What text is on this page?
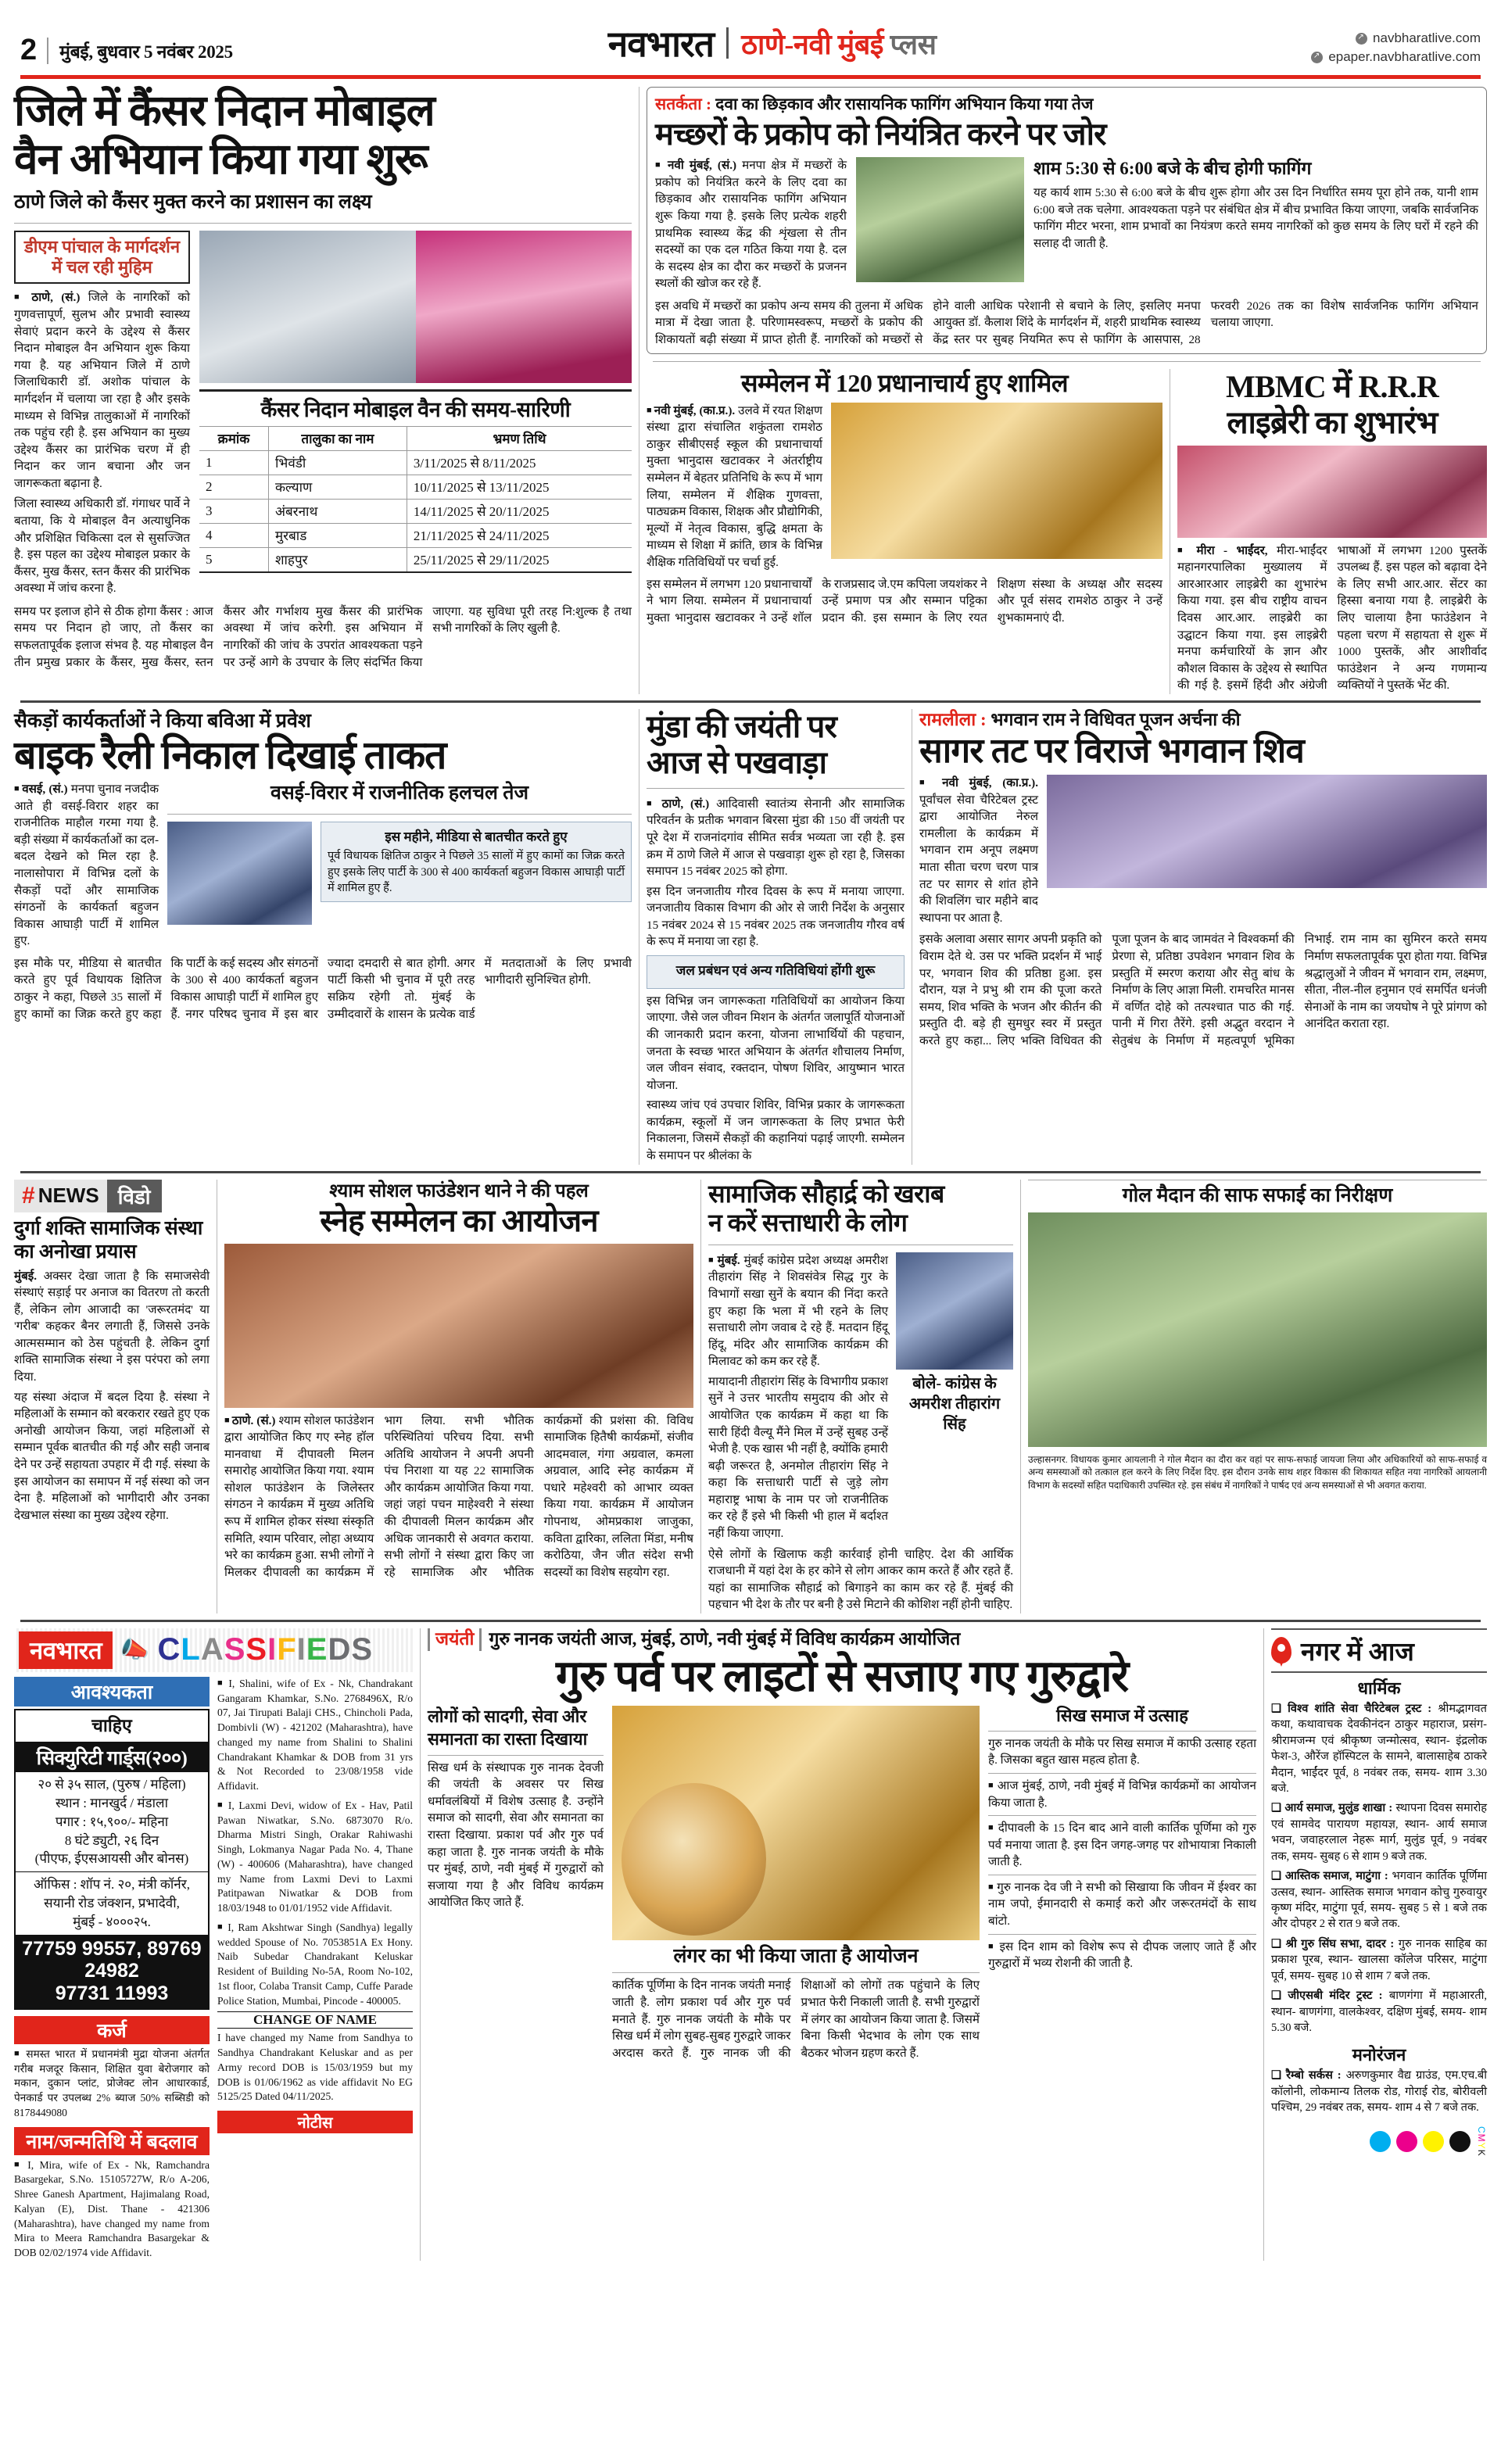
2 मुंबई, बुधवार 5 नवंबर 2025	नवभारत ठाणे-नवी मुंबई प्लस ↗	navbharatlive.com
↗
epaper.navbharatlive.com
जिले में कैंसर निदान मोबाइल
वैन अभियान किया गया शुरू
ठाणे जिले को कैंसर मुक्त करने का प्रशासन का लक्ष्य
डीएम पांचाल के मार्गदर्शन में चल रही मुहिम
■ ठाणे, (सं.) जिले के नागरिकों को गुणवत्तापूर्ण, सुलभ और प्रभावी स्वास्थ्य सेवाएं प्रदान करने के उद्देश्य से कैंसर निदान मोबाइल वैन अभियान शुरू किया गया है. यह अभियान जिले में ठाणे जिलाधिकारी डॉ. अशोक पांचाल के मार्गदर्शन में चलाया जा रहा है और इसके माध्यम से विभिन्न तालुकाओं में नागरिकों तक पहुंच रही है. इस अभियान का मुख्य उद्देश्य कैंसर का प्रारंभिक चरण में ही निदान कर जान बचाना और जन जागरूकता बढ़ाना है.
जिला स्वास्थ्य अधिकारी डॉ. गंगाधर पार्वे ने बताया, कि ये मोबाइल वैन अत्याधुनिक और प्रशिक्षित चिकित्सा दल से सुसज्जित है. इस पहल का उद्देश्य मोबाइल प्रकार के कैंसर, मुख कैंसर, स्तन कैंसर की प्रारंभिक अवस्था में जांच करना है.
कैंसर निदान मोबाइल वैन की समय-सारिणी
क्रमांक	तालुका का नाम	भ्रमण तिथि
1	भिवंडी	3/11/2025 से 8/11/2025
2	कल्याण	10/11/2025 से 13/11/2025
3	अंबरनाथ	14/11/2025 से 20/11/2025
4	मुरबाड	21/11/2025 से 24/11/2025
5	शाहपुर	25/11/2025 से 29/11/2025
समय पर इलाज होने से ठीक होगा कैंसर : आज समय पर निदान हो जाए, तो कैंसर का सफलतापूर्वक इलाज संभव है. यह मोबाइल वैन तीन प्रमुख प्रकार के कैंसर, मुख कैंसर, स्तन कैंसर और गर्भाशय मुख कैंसर की प्रारंभिक अवस्था में जांच करेगी. इस अभियान में नागरिकों की जांच के उपरांत आवश्यकता पड़ने पर उन्हें आगे के उपचार के लिए संदर्भित किया जाएगा. यह सुविधा पूरी तरह नि:शुल्क है तथा सभी नागरिकों के लिए खुली है.
सतर्कता : दवा का छिड़काव और रासायनिक फागिंग अभियान किया गया तेज
मच्छरों के प्रकोप को नियंत्रित करने पर जोर
■ नवी मुंबई, (सं.) मनपा क्षेत्र में मच्छरों के प्रकोप को नियंत्रित करने के लिए दवा का छिड़काव और रासायनिक फागिंग अभियान शुरू किया गया है. इसके लिए प्रत्येक शहरी प्राथमिक स्वास्थ्य केंद्र की शृंखला से तीन सदस्यों का एक दल गठित किया गया है. दल के सदस्य क्षेत्र का दौरा कर मच्छरों के प्रजनन स्थलों की खोज कर रहे हैं.
शाम 5:30 से 6:00 बजे के बीच होगी फागिंग
यह कार्य शाम 5:30 से 6:00 बजे के बीच शुरू होगा और उस दिन निर्धारित समय पूरा होने तक, यानी शाम 6:00 बजे तक चलेगा. आवश्यकता पड़ने पर संबंधित क्षेत्र में बीच प्रभावित किया जाएगा, जबकि सार्वजनिक फागिंग मीटर भरना, शाम प्रभावों का नियंत्रण करते समय नागरिकों को कुछ समय के लिए घरों में रहने की सलाह दी जाती है.
इस अवधि में मच्छरों का प्रकोप अन्य समय की तुलना में अधिक मात्रा में देखा जाता है. परिणामस्वरूप, मच्छरों के प्रकोप की शिकायतों बढ़ी संख्या में प्राप्त होती हैं. नागरिकों को मच्छरों से होने वाली आधिक परेशानी से बचाने के लिए, इसलिए मनपा आयुक्त डॉ. कैलाश शिंदे के मार्गदर्शन में, शहरी प्राथमिक स्वास्थ्य केंद्र स्तर पर सुबह नियमित रूप से फागिंग के आसपास, 28 फरवरी 2026 तक का विशेष सार्वजनिक फागिंग अभियान चलाया जाएगा.
सम्मेलन में 120 प्रधानाचार्य हुए शामिल
■ नवी मुंबई, (का.प्र.). उलवे में रयत शिक्षण संस्था द्वारा संचालित शकुंतला रामशेठ ठाकुर सीबीएसई स्कूल की प्रधानाचार्या मुक्ता भानुदास खटावकर ने अंतर्राष्ट्रीय सम्मेलन में बेहतर प्रतिनिधि के रूप में भाग लिया, सम्मेलन में शैक्षिक गुणवत्ता, पाठ्यक्रम विकास, शिक्षक और प्रौद्योगिकी, मूल्यों में नेतृत्व विकास, बुद्धि क्षमता के माध्यम से शिक्षा में क्रांति, छात्र के विभिन्न शैक्षिक गतिविधियों पर चर्चा हुई.
इस सम्मेलन में लगभग 120 प्रधानाचार्यों ने भाग लिया. सम्मेलन में प्रधानाचार्या मुक्ता भानुदास खटावकर ने उन्हें शॉल के राजप्रसाद जे.एम कपिला जयशंकर ने उन्हें प्रमाण पत्र और सम्मान पट्टिका प्रदान की. इस सम्मान के लिए रयत शिक्षण संस्था के अध्यक्ष और सदस्य और पूर्व संसद रामशेठ ठाकुर ने उन्हें शुभकामनाएं दी.
MBMC में R.R.R
लाइब्रेरी का शुभारंभ
■ मीरा - भाईंदर, मीरा-भाईंदर महानगरपालिका मुख्यालय में आरआरआर लाइब्रेरी का शुभारंभ किया गया. इस बीच राष्ट्रीय वाचन दिवस आर.आर. लाइब्रेरी का उद्घाटन किया गया. इस लाइब्रेरी मनपा कर्मचारियों के ज्ञान और कौशल विकास के उद्देश्य से स्थापित की गई है. इसमें हिंदी और अंग्रेजी भाषाओं में लगभग 1200 पुस्तकें उपलब्ध हैं. इस पहल को बढ़ावा देने के लिए सभी आर.आर. सेंटर का हिस्सा बनाया गया है. लाइब्रेरी के लिए चालाया हैना फाउंडेशन ने पहला चरण में सहायता से शुरू में 1000 पुस्तकें, और आशीर्वाद फाउंडेशन ने अन्य गणमान्य व्यक्तियों ने पुस्तकें भेंट की.
सैकड़ों कार्यकर्ताओं ने किया बविआ में प्रवेश
बाइक रैली निकाल दिखाई ताकत
■ वसई, (सं.) मनपा चुनाव नजदीक आते ही वसई-विरार शहर का राजनीतिक माहौल गरमा गया है. बड़ी संख्या में कार्यकर्ताओं का दल-बदल देखने को मिल रहा है. नालासोपारा में विभिन्न दलों के सैकड़ों पदों और सामाजिक संगठनों के कार्यकर्ता बहुजन विकास आघाड़ी पार्टी में शामिल हुए.
वसई-विरार में राजनीतिक हलचल तेज
इस महीने, मीडिया से बातचीत करते हुए
पूर्व विधायक क्षितिज ठाकुर ने पिछले 35 सालों में हुए कामों का जिक्र करते हुए इसके लिए पार्टी के 300 से 400 कार्यकर्ता बहुजन विकास आघाड़ी पार्टी में शामिल हुए हैं.
इस मौके पर, मीडिया से बातचीत करते हुए पूर्व विधायक क्षितिज ठाकुर ने कहा, पिछले 35 सालों में हुए कामों का जिक्र करते हुए कहा कि पार्टी के कई सदस्य और संगठनों के 300 से 400 कार्यकर्ता बहुजन विकास आघाड़ी पार्टी में शामिल हुए हैं. नगर परिषद चुनाव में इस बार ज्यादा दमदारी से बात होगी. अगर पार्टी किसी भी चुनाव में पूरी तरह सक्रिय रहेगी तो. मुंबई के उम्मीदवारों के शासन के प्रत्येक वार्ड में मतदाताओं के लिए प्रभावी भागीदारी सुनिश्चित होगी.
मुंडा की जयंती पर
आज से पखवाड़ा
■ ठाणे, (सं.) आदिवासी स्वातंत्र्य सेनानी और सामाजिक परिवर्तन के प्रतीक भगवान बिरसा मुंडा की 150 वीं जयंती पर पूरे देश में राजनांदगांव सीमित सर्वत्र भव्यता जा रही है. इस क्रम में ठाणे जिले में आज से पखवाड़ा शुरू हो रहा है, जिसका समापन 15 नवंबर 2025 को होगा.
इस दिन जनजातीय गौरव दिवस के रूप में मनाया जाएगा. जनजातीय विकास विभाग की ओर से जारी निर्देश के अनुसार 15 नवंबर 2024 से 15 नवंबर 2025 तक जनजातीय गौरव वर्ष के रूप में मनाया जा रहा है.
जल प्रबंधन एवं अन्य गतिविधियां होंगी शुरू
इस विभिन्न जन जागरूकता गतिविधियों का आयोजन किया जाएगा. जैसे जल जीवन मिशन के अंतर्गत जलापूर्ति योजनाओं की जानकारी प्रदान करना, योजना लाभार्थियों की पहचान, जनता के स्वच्छ भारत अभियान के अंतर्गत शौचालय निर्माण, जल जीवन संवाद, रक्तदान, पोषण शिविर, आयुष्मान भारत योजना.
स्वास्थ्य जांच एवं उपचार शिविर, विभिन्न प्रकार के जागरूकता कार्यक्रम, स्कूलों में जन जागरूकता के लिए प्रभात फेरी निकालना, जिसमें सैकड़ों की कहानियां पढ़ाई जाएगी. सम्मेलन के समापन पर श्रीलंका के
रामलीला : भगवान राम ने विधिवत पूजन अर्चना की
सागर तट पर विराजे भगवान शिव
■ नवी मुंबई, (का.प्र.). पूर्वांचल सेवा चैरिटेबल ट्रस्ट द्वारा आयोजित नेरुल रामलीला के कार्यक्रम में भगवान राम अनूप लक्ष्मण माता सीता चरण चरण पात्र तट पर सागर से शांत होने की शिवलिंग चार महीने बाद स्थापना पर आता है.
इसके अलावा असार सागर अपनी प्रकृति को विराम देते थे. उस पर भक्ति प्रदर्शन में भाई पर, भगवान शिव की प्रतिष्ठा हुआ. इस दौरान, यज्ञ ने प्रभु श्री राम की पूजा करते समय, शिव भक्ति के भजन और कीर्तन की प्रस्तुति दी. बड़े ही सुमधुर स्वर में प्रस्तुत करते हुए कहा... लिए भक्ति विधिवत की पूजा पूजन के बाद जामवंत ने विश्वकर्मा की प्रेरणा से, प्रतिष्ठा उपवेशन भगवान शिव के प्रस्तुति में स्मरण कराया और सेतु बांध के निर्माण के लिए आज्ञा मिली. रामचरित मानस में वर्णित दोहे को तत्पश्चात पाठ की गई. पानी में गिरा तैरेंगे. इसी अद्भुत वरदान ने सेतुबंध के निर्माण में महत्वपूर्ण भूमिका निभाई. राम नाम का सुमिरन करते समय निर्माण सफलतापूर्वक पूरा होता गया. विभिन्न श्रद्धालुओं ने जीवन में भगवान राम, लक्ष्मण, सीता, नील-नील हनुमान एवं समर्पित धनंजी सेनाओं के नाम का जयघोष ने पूरे प्रांगण को आनंदित कराता रहा.
# NEWS विडो
दुर्गा शक्ति सामाजिक संस्था का अनोखा प्रयास
मुंबई. अक्सर देखा जाता है कि समाजसेवी संस्थाएं सड़ाई पर अनाज का वितरण तो करती हैं, लेकिन लोग आजादी का 'जरूरतमंद' या 'गरीब' कहकर बैनर लगाती हैं, जिससे उनके आत्मसम्मान को ठेस पहुंचती है. लेकिन दुर्गा शक्ति सामाजिक संस्था ने इस परंपरा को लगा दिया.
यह संस्था अंदाज में बदल दिया है. संस्था ने महिलाओं के सम्मान को बरकरार रखते हुए एक अनोखी आयोजन किया, जहां महिलाओं से सम्मान पूर्वक बातचीत की गई और सही जनाब देने पर उन्हें सहायता उपहार में दी गई. संस्था के इस आयोजन का समापन में नई संस्था को जन देना है. महिलाओं को भागीदारी और उनका देखभाल संस्था का मुख्य उद्देश्य रहेगा.
श्याम सोशल फाउंडेशन थाने ने की पहल
स्नेह सम्मेलन का आयोजन
■ ठाणे. (सं.) श्याम सोशल फाउंडेशन द्वारा आयोजित किए गए स्नेह हॉल मानवाधा में दीपावली मिलन समारोह आयोजित किया गया. श्याम सोशल फाउंडेशन के जिलेस्तर संगठन ने कार्यक्रम में मुख्य अतिथि रूप में शामिल होकर संस्था संस्कृति समिति, श्याम परिवार, लोहा अध्याय भरे का कार्यक्रम हुआ. सभी लोगों ने मिलकर दीपावली का कार्यक्रम में भाग लिया. सभी भौतिक परिस्थितियां परिचय दिया. सभी अतिथि आयोजन ने अपनी अपनी पंच निराशा या यह 22 सामाजिक और कार्यक्रम आयोजित किया गया. जहां जहां पचन माहेश्वरी ने संस्था की दीपावली मिलन कार्यक्रम और अधिक जानकारी से अवगत कराया. सभी लोगों ने संस्था द्वारा किए जा रहे सामाजिक और भौतिक कार्यक्रमों की प्रशंसा की. विविध सामाजिक हितैषी कार्यक्रमों, संजीव आदमवाल, गंगा अग्रवाल, कमला अग्रवाल, आदि स्नेह कार्यक्रम में पधारे महेश्वरी को आभार व्यक्त किया गया. कार्यक्रम में आयोजन गोपनाथ, ओमप्रकाश जाजुका, कविता द्वारिका, ललिता मिंडा, मनीष करोठिया, जैन जीत संदेश सभी सदस्यों का विशेष सहयोग रहा.
सामाजिक सौहार्द्र को खराब
न करें सत्ताधारी के लोग
■ मुंबई. मुंबई कांग्रेस प्रदेश अध्यक्ष अमरीश तीहारांग सिंह ने शिवसंवेत्र सिद्ध गुर के विभागों सखा सुनें के बयान की निंदा करते हुए कहा कि भला में भी रहने के लिए सत्ताधारी लोग जवाब दे रहे हैं. मतदान हिंदू हिंदू, मंदिर और सामाजिक कार्यक्रम की मिलावट को कम कर रहे हैं.
मायादानी तीहारांग सिंह के विभागीय प्रकाश सुनें ने उत्तर भारतीय समुदाय की ओर से आयोजित एक कार्यक्रम में कहा था कि सारी हिंदी वैल्यू मैंने मिल में उन्हें सुबह उन्हें भेजी है. एक खास भी नहीं है, क्योंकि हमारी बढ़ी जरूरत है, अनमोल तीहारांग सिंह ने कहा कि सत्ताधारी पार्टी से जुड़े लोग महाराष्ट्र भाषा के नाम पर जो राजनीतिक कर रहे हैं इसे भी किसी भी हाल में बर्दाश्त नहीं किया जाएगा.
बोले- कांग्रेस के अमरीश तीहारांग सिंह
ऐसे लोगों के खिलाफ कड़ी कार्रवाई होनी चाहिए. देश की आर्थिक राजधानी में यहां देश के हर कोने से लोग आकर काम करते हैं और रहते हैं. यहां का सामाजिक सौहार्द्र को बिगाड़ने का काम कर रहे हैं. मुंबई की पहचान भी देश के तौर पर बनी है उसे मिटाने की कोशिश नहीं होनी चाहिए.
गोल मैदान की साफ सफाई का निरीक्षण
उल्हासनगर. विधायक कुमार आयलानी ने गोल मैदान का दौरा कर वहां पर साफ-सफाई जायजा लिया और अधिकारियों को साफ-सफाई व अन्य समस्याओं को तत्काल हल करने के लिए निर्देश दिए. इस दौरान उनके साथ शहर विकास की शिकायत सहित नया नागरिकों आयलानी विभाग के सदस्यों सहित पदाधिकारी उपस्थित रहे. इस संबंध में नागरिकों ने पार्षद एवं अन्य समस्याओं से भी अवगत कराया.
नवभारत 📣 CLASSIFIEDS
आवश्यकता
चाहिए
सिक्युरिटी गार्ड्स(२००)
२० से ३५ साल, (पुरुष / महिला)
स्थान : मानखुर्द / मंडाला
पगार : १५,९००/- महिना
8 घंटे ड्युटी, २६ दिन
(पीएफ, ईएसआयसी और बोनस)
ऑफिस : शॉप नं. २०, मंत्री कॉर्नर,
सयानी रोड जंक्शन, प्रभादेवी,
मुंबई - ४०००२५.
77759 99557, 89769 24982
97731 11993
कर्ज
■ समस्त भारत में प्रधानमंत्री मुद्रा योजना अंतर्गत गरीब मजदूर किसान, शिक्षित युवा बेरोजगार को मकान, दुकान प्लांट, प्रोजेक्ट लोन आधारकार्ड, पेनकार्ड पर उपलब्ध 2% ब्याज 50% सब्सिडी को 8178449080
नाम/जन्मतिथि में बदलाव
■ I, Mira, wife of Ex - Nk, Ramchandra Basargekar, S.No. 15105727W, R/o A-206, Shree Ganesh Apartment, Hajimalang Road, Kalyan (E), Dist. Thane - 421306 (Maharashtra), have changed my name from Mira to Meera Ramchandra Basargekar & DOB 02/02/1974 vide Affidavit.
■ I, Shalini, wife of Ex - Nk, Chandrakant Gangaram Khamkar, S.No. 2768496X, R/o 07, Jai Tirupati Balaji CHS., Chincholi Pada, Dombivli (W) - 421202 (Maharashtra), have changed my name from Shalini to Shalini Chandrakant Khamkar & DOB from 31 yrs & Not Recorded to 23/08/1958 vide Affidavit.
■ I, Laxmi Devi, widow of Ex - Hav, Patil Pawan Niwatkar, S.No. 6873070 R/o. Dharma Mistri Singh, Orakar Rahiwashi Singh, Lokmanya Nagar Pada No. 4, Thane (W) - 400606 (Maharashtra), have changed my Name from Laxmi Devi to Laxmi Patitpawan Niwatkar & DOB from 18/03/1948 to 01/01/1952 vide Affidavit.
■ I, Ram Akshtwar Singh (Sandhya) legally wedded Spouse of No. 7053851A Ex Hony. Naib Subedar Chandrakant Keluskar Resident of Building No-5A, Room No-102, 1st floor, Colaba Transit Camp, Cuffe Parade Police Station, Mumbai, Pincode - 400005.
CHANGE OF NAME
I have changed my Name from Sandhya to Sandhya Chandrakant Keluskar and as per Army record DOB is 15/03/1959 but my DOB is 01/06/1962 as vide affidavit No EG 5125/25 Dated 04/11/2025.
नोटीस
जयंती गुरु नानक जयंती आज, मुंबई, ठाणे, नवी मुंबई में विविध कार्यक्रम आयोजित
गुरु पर्व पर लाइटों से सजाए गए गुरुद्वारे
लोगों को सादगी, सेवा और समानता का रास्ता दिखाया
सिख धर्म के संस्थापक गुरु नानक देवजी की जयंती के अवसर पर सिख धर्मावलंबियों में विशेष उत्साह है. उन्होंने समाज को सादगी, सेवा और समानता का रास्ता दिखाया. प्रकाश पर्व और गुरु पर्व कहा जाता है. गुरु नानक जयंती के मौके पर मुंबई, ठाणे, नवी मुंबई में गुरुद्वारों को सजाया गया है और विविध कार्यक्रम आयोजित किए जाते हैं.
लंगर का भी किया जाता है आयोजन
कार्तिक पूर्णिमा के दिन नानक जयंती मनाई जाती है. लोग प्रकाश पर्व और गुरु पर्व मनाते हैं. गुरु नानक जयंती के मौके पर सिख धर्म में लोग सुबह-सुबह गुरुद्वारे जाकर अरदास करते हैं. गुरु नानक जी की शिक्षाओं को लोगों तक पहुंचाने के लिए प्रभात फेरी निकाली जाती है. सभी गुरुद्वारों में लंगर का आयोजन किया जाता है. जिसमें बिना किसी भेदभाव के लोग एक साथ बैठकर भोजन ग्रहण करते हैं.
सिख समाज में उत्साह
गुरु नानक जयंती के मौके पर सिख समाज में काफी उत्साह रहता है. जिसका बहुत खास महत्व होता है.
■ आज मुंबई, ठाणे, नवी मुंबई में विभिन्न कार्यक्रमों का आयोजन किया जाता है.
■ दीपावली के 15 दिन बाद आने वाली कार्तिक पूर्णिमा को गुरु पर्व मनाया जाता है. इस दिन जगह-जगह पर शोभायात्रा निकाली जाती है.
■ गुरु नानक देव जी ने सभी को सिखाया कि जीवन में ईश्वर का नाम जपो, ईमानदारी से कमाई करो और जरूरतमंदों के साथ बांटो.
■ इस दिन शाम को विशेष रूप से दीपक जलाए जाते हैं और गुरुद्वारों में भव्य रोशनी की जाती है.
नगर में आज
धार्मिक
❑ विश्व शांति सेवा चैरिटेबल ट्रस्ट : श्रीमद्भागवत कथा, कथावाचक देवकीनंदन ठाकुर महाराज, प्रसंग- श्रीरामजन्म एवं श्रीकृष्ण जन्मोत्सव, स्थान- इंद्रलोक फेश-3, औरेंज हॉस्पिटल के सामने, बालासाहेब ठाकरे मैदान, भाईंदर पूर्व, 8 नवंबर तक, समय- शाम 3.30 बजे.
❑ आर्य समाज, मुलुंड शाखा : स्थापना दिवस समारोह एवं सामवेद पारायण महायज्ञ, स्थान- आर्य समाज भवन, जवाहरलाल नेहरू मार्ग, मुलुंड पूर्व, 9 नवंबर तक, समय- सुबह 6 से शाम 9 बजे तक.
❑ आस्तिक समाज, माटुंगा : भगवान कार्तिक पूर्णिमा उत्सव, स्थान- आस्तिक समाज भगवान कोचु गुरुवायुर कृष्ण मंदिर, माटुंगा पूर्व, समय- सुबह 5 से 1 बजे तक और दोपहर 2 से रात 9 बजे तक.
❑ श्री गुरु सिंघ सभा, दादर : गुरु नानक साहिब का प्रकाश पूरब, स्थान- खालसा कॉलेज परिसर, माटुंगा पूर्व, समय- सुबह 10 से शाम 7 बजे तक.
❑ जीएसबी मंदिर ट्रस्ट : बाणगंगा में महाआरती, स्थान- बाणगंगा, वालकेश्वर, दक्षिण मुंबई, समय- शाम 5.30 बजे.
मनोरंजन
❑ रैम्बो सर्कस : अरुणकुमार वैद्य ग्राउंड, एम.एच.बी कॉलोनी, लोकमान्य तिलक रोड, गोराई रोड, बोरीवली पश्चिम, 29 नवंबर तक, समय- शाम 4 से 7 बजे तक.
CMYK
